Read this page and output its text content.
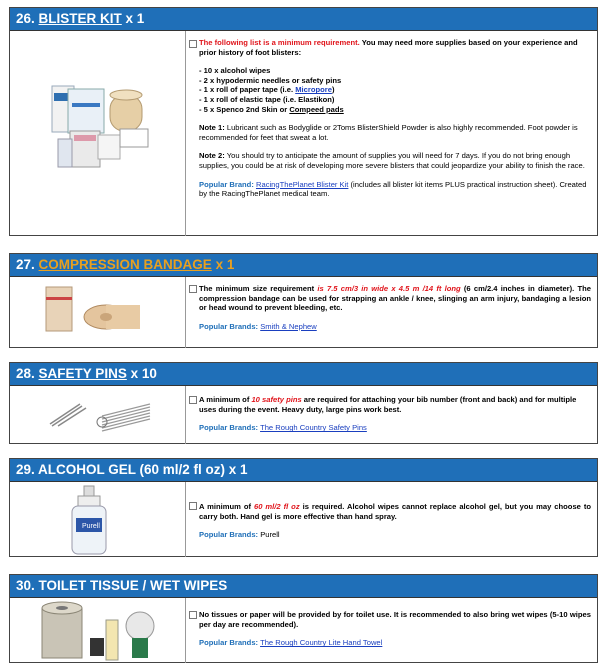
26. BLISTER KIT x 1

The following list is a minimum requirement. You may need more supplies based on your experience and prior history of foot blisters:

- 10 x alcohol wipes

- 2 x hypodermic needles or safety pins

- 1 x roll of paper tape (i.e. Micropore)

- 1 x roll of elastic tape (i.e. Elastikon)

- 5 x Spenco 2nd Skin or Compeed pads

Note 1: Lubricant such as Bodyglide or 2Toms BlisterShield Powder is also highly recommended. Foot powder is recommended for feet that sweat a lot.

Note 2: You should try to anticipate the amount of supplies you will need for 7 days. If you do not bring enough supplies, you could be at risk of developing more severe blisters that could jeopardize your ability to finish the race.

Popular Brand: RacingThePlanet Blister Kit (includes all blister kit items PLUS practical instruction sheet). Created by the RacingThePlanet medical team.

27. COMPRESSION BANDAGE x 1

The minimum size requirement is 7.5 cm/3 in wide x 4.5 m /14 ft long (6 cm/2.4 inches in diameter). The compression bandage can be used for strapping an ankle / knee, slinging an arm injury, bandaging a lesion or head wound to prevent bleeding, etc.

Popular Brands: Smith & Nephew

28. SAFETY PINS x 10

A minimum of 10 safety pins are required for attaching your bib number (front and back) and for multiple uses during the event. Heavy duty, large pins work best.

Popular Brands: The Rough Country Safety Pins

29. ALCOHOL GEL (60 ml/2 fl oz) x 1
Purell

A minimum of 60 ml/2 fl oz is required. Alcohol wipes cannot replace alcohol gel, but you may choose to carry both. Hand gel is more effective than hand spray.

Popular Brands: Purell

30. TOILET TISSUE / WET WIPES

No tissues or paper will be provided by for toilet use. It is recommended to also bring wet wipes (5-10 wipes per day are recommended).

Popular Brands: The Rough Country Lite Hand Towel
